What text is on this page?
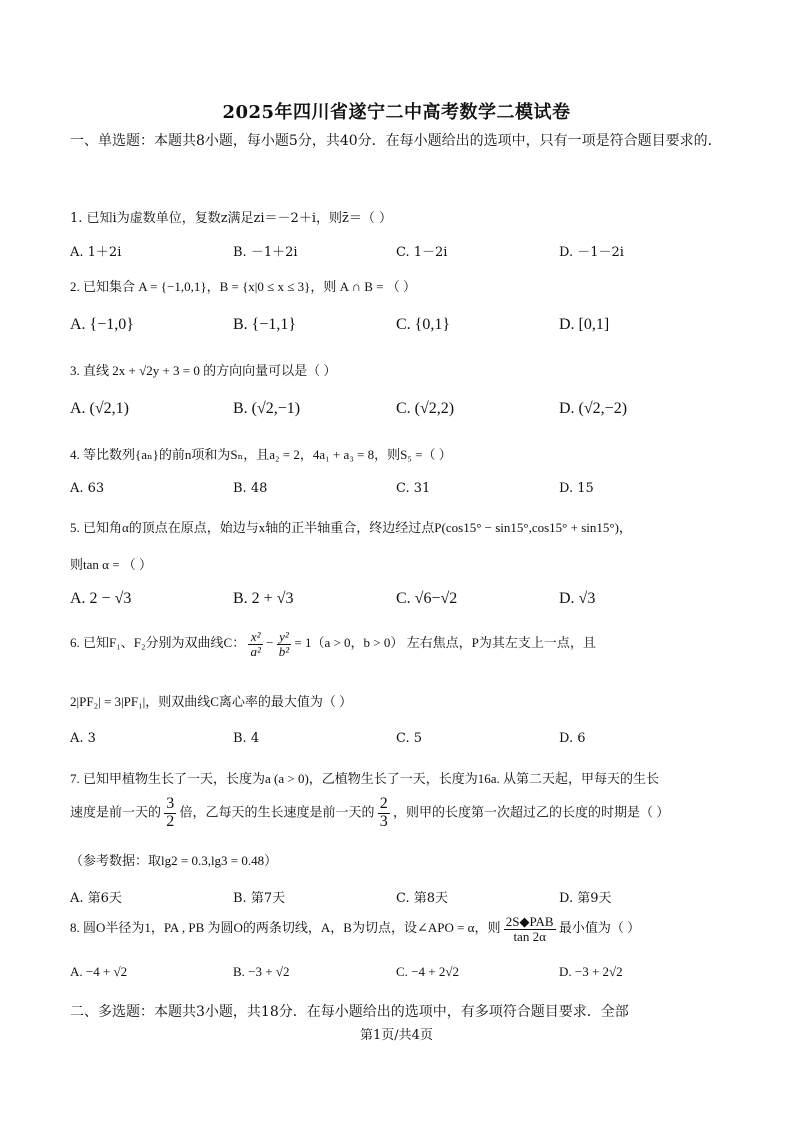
2025年四川省遂宁二中高考数学二模试卷
一、单选题：本题共8小题，每小题5分，共40分．在每小题给出的选项中，只有一项是符合题目要求的．
1. 已知i为虚数单位，复数z满足zi＝－2＋i，则z̄＝（ ）
A. 1＋2i	B. －1＋2i	C. 1－2i	D. －1－2i
2. 已知集合 A = {−1,0,1}，B = {x|0 ≤ x ≤ 3}，则 A ∩ B = （ ）
A. {−1,0}	B. {−1,1}	C. {0,1}	D. [0,1]
3. 直线 2x + √2y + 3 = 0 的方向向量可以是（ ）
A. (√2,1)	B. (√2,−1)	C. (√2,2)	D. (√2,−2)
4. 等比数列{aₙ}的前n项和为Sₙ，且a₂ = 2，4a₁ + a₃ = 8，则S₅ =（ ）
A. 63	B. 48	C. 31	D. 15
5. 已知角α的顶点在原点，始边与x轴的正半轴重合，终边经过点P(cos15° − sin15°,cos15° + sin15°)，
则tan α = （ ）
A. 2 − √3	B. 2 + √3	C. √6−√2	D. √3
6. 已知F₁、F₂分别为双曲线C： $\frac{\text{x²}}{\text{a²}} - \frac{\text{y²}}{\text{b²}} = 1(a > 0$，b > 0） 左右焦点，P为其左支上一点，且
2|PF₂| = 3|PF₁|，则双曲线C离心率的最大值为（ ）
A. 3	B. 4	C. 5	D. 6
7. 已知甲植物生长了一天，长度为a (a > 0)，乙植物生长了一天，长度为16a. 从第二天起，甲每天的生长
速度是前一天的 $\frac{3}{2}$ 倍，乙每天的生长速度是前一天的 $\frac{2}{3}$ ，则甲的长度第一次超过乙的长度的时期是（ ）
（参考数据：取lg2 = 0.3,lg3 = 0.48）
A. 第6天	B. 第7天	C. 第8天	D. 第9天
8. 圆O半径为1，PA , PB 为圆O的两条切线，A，B为切点，设∠APO = α，则 $\frac{\text{2S◆PAB}}{\tan 2\alpha}$ 最小值为（ ）
A. −4 + √2	B. −3 + √2	C. −4 + 2√2	D. −3 + 2√2
二、多选题：本题共3小题，共18分．在每小题给出的选项中，有多项符合题目要求．全部
第1页/共4页
